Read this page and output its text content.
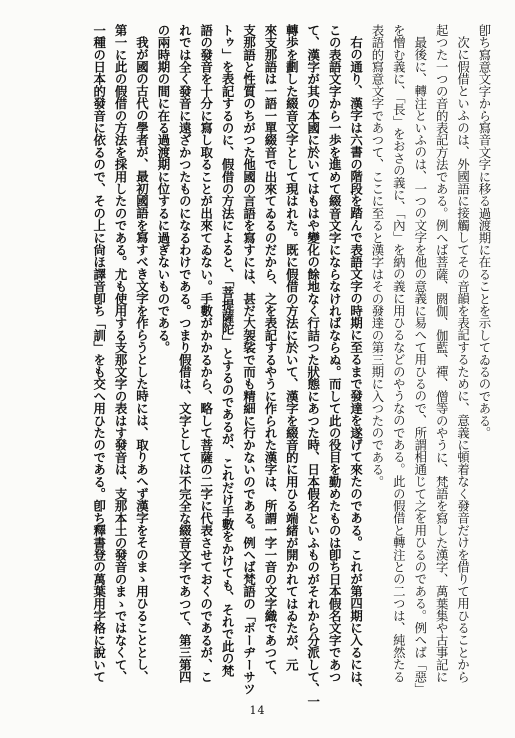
卽ち寫意文字から寫音文字に移る過渡期に在ることを示してゐるのである。
次に假借といふのは、外國語に接觸してその音韻を表記するために、意義に頓着なく發音だけを借りて用ひることから
起つた一つの音的表記方法である。例へば菩薩、閼伽、伽藍、禪、僧等のやうに、梵語を寫した漢字、萬葉集や古事記に
最後に、轉注といふのは、一つの文字を他の意義に易へて用ひるので、所謂相通じて之を用ひるのである。例へば「惡」
を憎む義に、「長」をおさの義に、「內」を納の義に用ひるなどのやうなのである。此の假借と轉注との二つは、純然たる
表語的寫意文字であつて、ここに至ると漢字はその發達の第三期に入つたのである。
右の通り、漢字は六書の階段を踏んで表語文字の時期に至るまで發達を遂げて來たのである。これが第四期に入るには、
この表語文字から一歩を進めて綴音文字にならなければならぬ。而して此の役目を勤めたものは卽ち日本假名文字であつ
て、漢字が其の本國に於いてはもはや變化の餘地なく行詰つた狀態にあつた時、日本假名といふものがそれから分派して、一
轉歩を劃した綴音文字として現はれた。既に假借の方法に於いて、漢字を綴音的に用ひる端緒が開かれてはゐたが、元
來支那語は一語一單綴音で出來てゐるのだから、之を表記するやうに作られた漢字は、所謂一字一音の文字織であつて、
支那語と性質のちがつた他國の言語を寫すには、甚だ大袈裟で而も精細に行かないのである。例へば梵語の「ボーヂーサツ
トゥ」を表記するのに、假借の方法によると、「菩提薩陀」とするのであるが、これだけ手數をかけても、それで此の梵
語の發音を十分に寫し取ることが出來てゐない。手數がかかるから、略して菩薩の二字に代表させておくのであるが、こ
れでは全く發音に遠ざかつたものになるわけである。つまり假借は、文字としては不完全な綴音文字であつて、第三第四
の兩時期の間に在る過渡期に位するに過ぎないものである。
我が國の古代の學者が、最初國語を寫すべき文字を作らうとした時には、取りあへず漢字をそのまゝ用ひることとし、
第一に此の假借の方法を採用したのである。尤も使用する支那文字の表はす發音は、支那本土の發音のまゝではなくて、
一種の日本的發音に依るので、その上に尙ほ譯音卽ち「訓」をも交へ用ひたのである。卽ち釋書登の萬葉用字格に說いて
14
